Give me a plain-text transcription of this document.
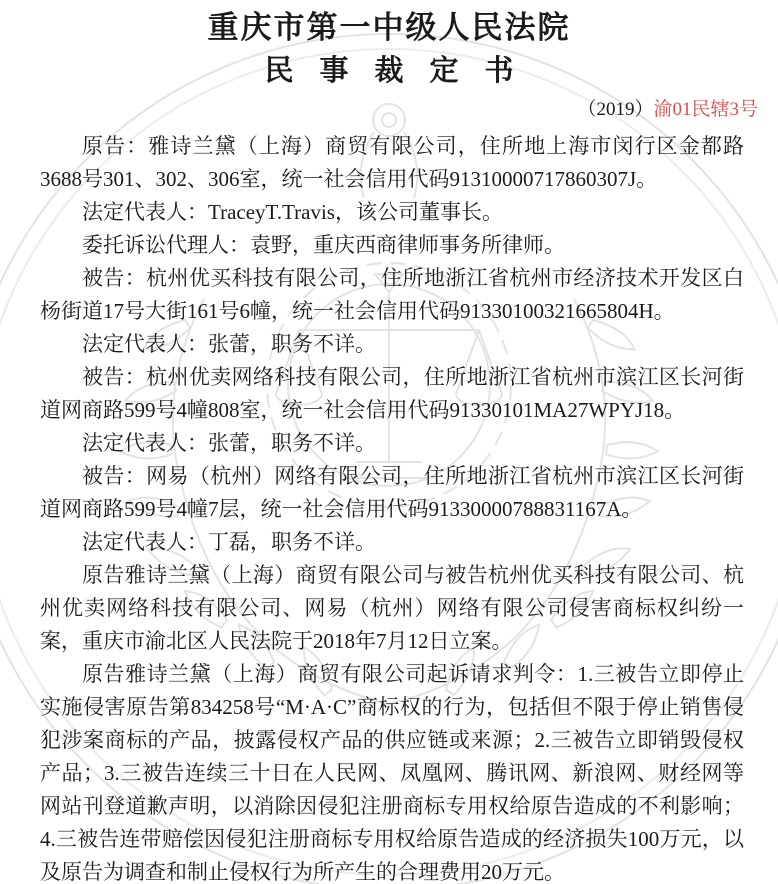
重庆市第一中级人民法院
民事裁定书
（2019）渝01民辖3号

原告：雅诗兰黛（上海）商贸有限公司，住所地上海市闵行区金都路3688号301、302、306室，统一社会信用代码91310000717860307J。

法定代表人：TraceyT.Travis，该公司董事长。

委托诉讼代理人：袁野，重庆西商律师事务所律师。

被告：杭州优买科技有限公司，住所地浙江省杭州市经济技术开发区白杨街道17号大街161号6幢，统一社会信用代码91330100321665804H。

法定代表人：张蕾，职务不详。

被告：杭州优卖网络科技有限公司，住所地浙江省杭州市滨江区长河街道网商路599号4幢808室，统一社会信用代码91330101MA27WPYJ18。

法定代表人：张蕾，职务不详。

被告：网易（杭州）网络有限公司，住所地浙江省杭州市滨江区长河街道网商路599号4幢7层，统一社会信用代码91330000788831167A。

法定代表人：丁磊，职务不详。

原告雅诗兰黛（上海）商贸有限公司与被告杭州优买科技有限公司、杭州优卖网络科技有限公司、网易（杭州）网络有限公司侵害商标权纠纷一案，重庆市渝北区人民法院于2018年7月12日立案。

原告雅诗兰黛（上海）商贸有限公司起诉请求判令：1.三被告立即停止实施侵害原告第834258号“M·A·C”商标权的行为，包括但不限于停止销售侵犯涉案商标的产品，披露侵权产品的供应链或来源；2.三被告立即销毁侵权产品；3.三被告连续三十日在人民网、凤凰网、腾讯网、新浪网、财经网等网站刊登道歉声明，以消除因侵犯注册商标专用权给原告造成的不利影响；4.三被告连带赔偿因侵犯注册商标专用权给原告造成的经济损失100万元，以及原告为调查和制止侵权行为所产生的合理费用20万元。
